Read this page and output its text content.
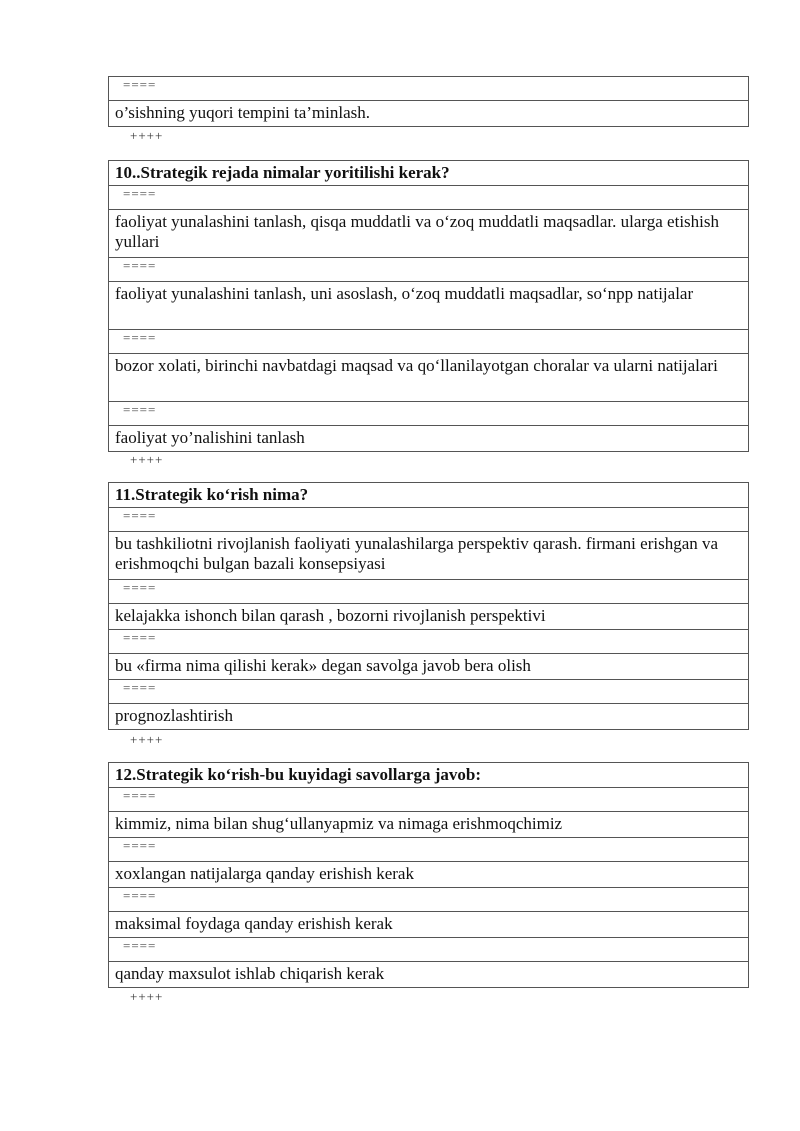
====
o’sishning yuqori tempini ta’minlash.
++++
10..Strategik rejada nimalar yoritilishi kerak?
====
faoliyat yunalashini tanlash, qisqa muddatli va o‘zoq muddatli maqsadlar. ularga etishish yullari
====
faoliyat yunalashini tanlash, uni asoslash, o‘zoq muddatli maqsadlar, so‘npp natijalar
====
bozor xolati, birinchi navbatdagi maqsad va qo‘llanilayotgan choralar va ularni natijalari
====
faoliyat yo’nalishini tanlash
++++
11.Strategik ko‘rish nima?
====
bu tashkiliotni rivojlanish faoliyati yunalashilarga perspektiv qarash. firmani erishgan va erishmoqchi bulgan bazali konsepsiyasi
====
kelajakka ishonch bilan qarash , bozorni rivojlanish perspektivi
====
bu «firma nima qilishi kerak» degan savolga javob bera olish
====
prognozlashtirish
++++
12.Strategik ko‘rish-bu kuyidagi savollarga javob:
====
kimmiz, nima bilan shug‘ullanyapmiz va nimaga erishmoqchimiz
====
xoxlangan natijalarga qanday erishish kerak
====
maksimal foydaga qanday erishish kerak
====
qanday maxsulot ishlab chiqarish kerak
++++
